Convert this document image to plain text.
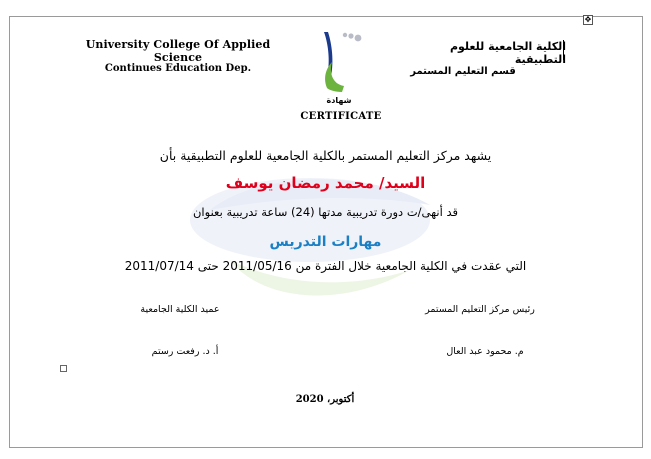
✥
University College Of Applied Science
Continues Education Dep.
الكلية الجامعية للعلوم التطبيقية
قسم التعليم المستمر
شهادة
CERTIFICATE
يشهد مركز التعليم المستمر بالكلية الجامعية للعلوم التطبيقية بأن
السيد/ محمد رمضان يوسف
قد أنهى/ت دورة تدريبية مدتها (24) ساعة تدريبية بعنوان
مهارات التدريس
التي عقدت في الكلية الجامعية خلال الفترة من 2011/05/16 حتى 2011/07/14
عميد الكلية الجامعية	رئيس مركز التعليم المستمر
أ. د. رفعت رستم	م. محمود عبد العال
أكتوبر، 2020
